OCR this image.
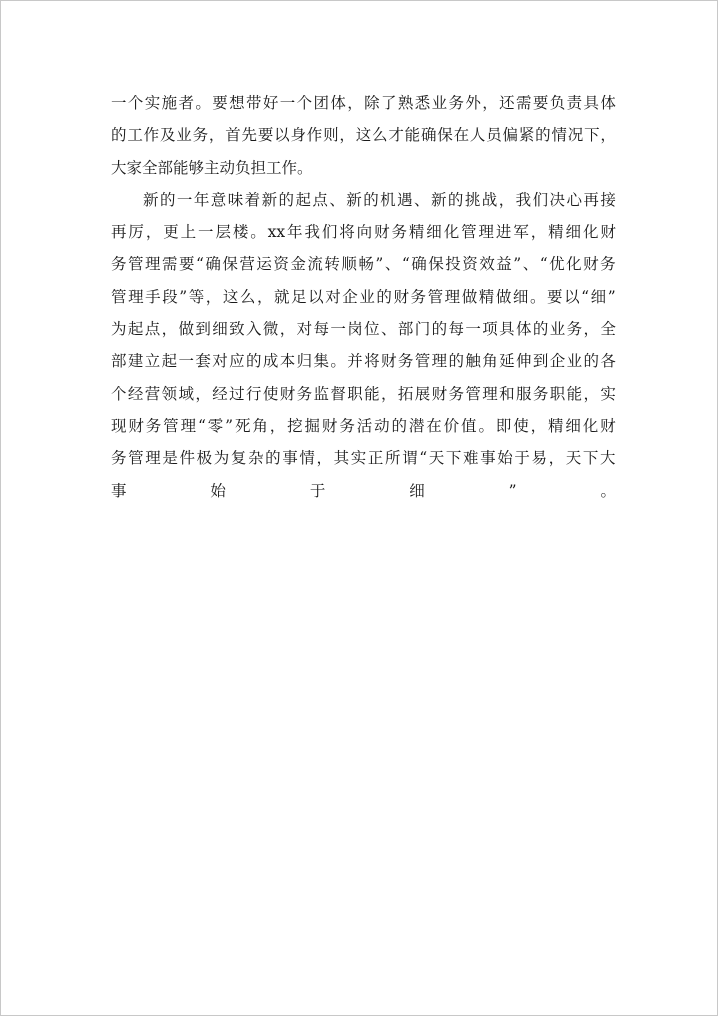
一 个 实 施 者 。 要 想 带 好 一 个 团 体 ， 除 了 熟 悉 业 务 外 ， 还 需 要 负 责 具 体
的 工 作 及 业 务 ， 首 先 要 以 身 作 则 ， 这 么 才 能 确 保 在 人 员 偏 紧 的 情 况 下 ，
大家全部能够主动负担工作。
新 的 一 年 意 味 着 新 的 起 点 、 新 的 机 遇 、 新 的 挑 战 ， 我 们 决 心 再 接
再 厉 ， 更 上 一 层 楼 。 xx 年 我 们 将 向 财 务 精 细 化 管 理 进 军 ， 精 细 化 财
务 管 理 需 要 “ 确 保 营 运 资 金 流 转 顺 畅 ” 、 “ 确 保 投 资 效 益 ” 、 “ 优 化 财 务
管 理 手 段 ” 等 ， 这 么 ， 就 足 以 对 企 业 的 财 务 管 理 做 精 做 细 。 要 以 “ 细 ”
为 起 点 ， 做 到 细 致 入 微 ， 对 每 一 岗 位 、 部 门 的 每 一 项 具 体 的 业 务 ， 全
部 建 立 起 一 套 对 应 的 成 本 归 集 。 并 将 财 务 管 理 的 触 角 延 伸 到 企 业 的 各
个 经 营 领 域 ， 经 过 行 使 财 务 监 督 职 能 ， 拓 展 财 务 管 理 和 服 务 职 能 ， 实
现 财 务 管 理 “ 零 ” 死 角 ， 挖 掘 财 务 活 动 的 潜 在 价 值 。 即 使 ， 精 细 化 财
务 管 理 是 件 极 为 复 杂 的 事 情 ， 其 实 正 所 谓 “ 天 下 难 事 始 于 易 ， 天 下 大
事	始	于	细	”	。
